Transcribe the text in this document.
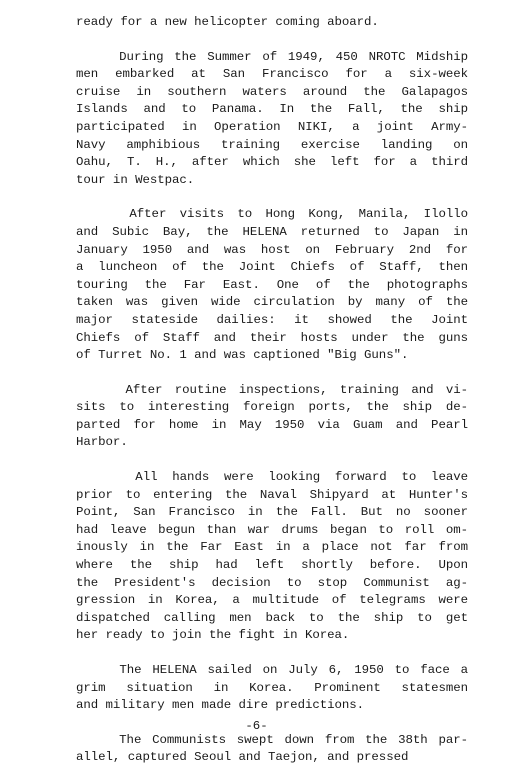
ready for a new helicopter coming aboard.
During the Summer of 1949, 450 NROTC Midship
men embarked at San Francisco for a six-week
cruise in southern waters around the Galapagos
Islands and to Panama. In the Fall, the ship
participated in Operation NIKI, a joint Army-
Navy amphibious training exercise landing on
Oahu, T. H., after which she left for a third
tour in Westpac.
After visits to Hong Kong, Manila, Ilollo
and Subic Bay, the HELENA returned to Japan in
January 1950 and was host on February 2nd for
a luncheon of the Joint Chiefs of Staff, then
touring the Far East. One of the photographs
taken was given wide circulation by many of the
major stateside dailies: it showed the Joint
Chiefs of Staff and their hosts under the guns
of Turret No. 1 and was captioned "Big Guns".
After routine inspections, training and vi-
sits to interesting foreign ports, the ship de-
parted for home in May 1950 via Guam and Pearl
Harbor.
All hands were looking forward to leave
prior to entering the Naval Shipyard at Hunter's
Point, San Francisco in the Fall. But no sooner
had leave begun than war drums began to roll om-
inously in the Far East in a place not far from
where the ship had left shortly before. Upon
the President's decision to stop Communist ag-
gression in Korea, a multitude of telegrams were
dispatched calling men back to the ship to get
her ready to join the fight in Korea.
The HELENA sailed on July 6, 1950 to face a
grim situation in Korea. Prominent statesmen
and military men made dire predictions.
The Communists swept down from the 38th par-
allel, captured Seoul and Taejon, and pressed
-6-
